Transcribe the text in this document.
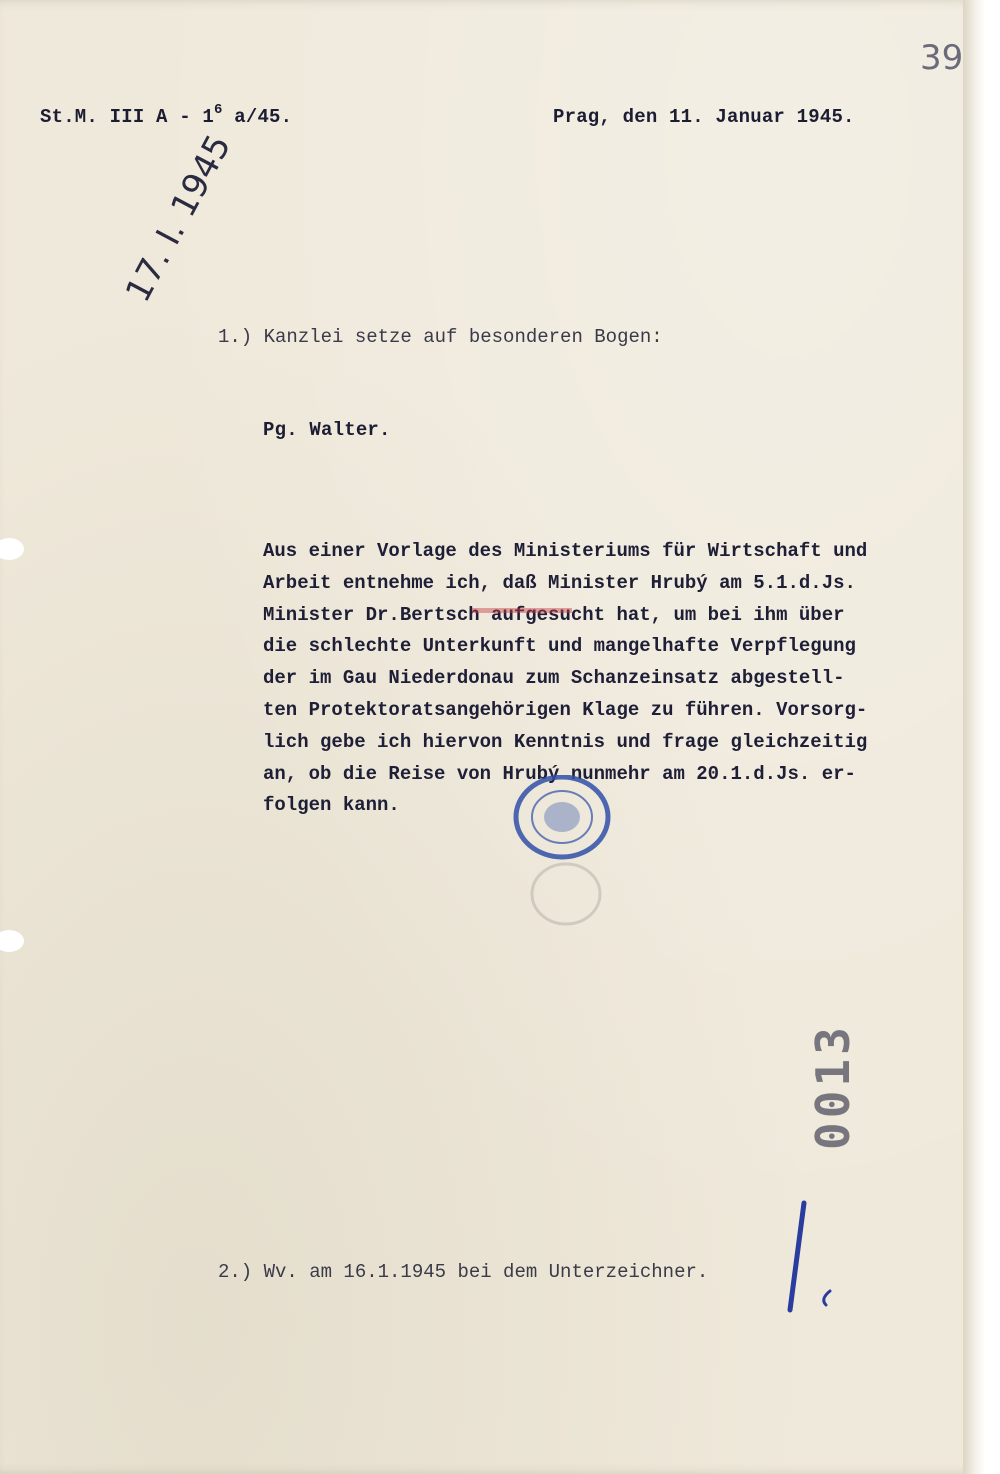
St.M. III A - $1^6$ a/45.	Prag, den 11. Januar 1945.
39
17. I. 1945
1.) Kanzlei setze auf besonderen Bogen:
Pg. Walter.
Aus einer Vorlage des Ministeriums für Wirtschaft und
Arbeit entnehme ich, daß Minister Hrubý am 5.1.d.Js.
Minister Dr.Bertsch aufgesucht hat, um bei ihm über
die schlechte Unterkunft und mangelhafte Verpflegung
der im Gau Niederdonau zum Schanzeinsatz abgestell-
ten Protektoratsangehörigen Klage zu führen. Vorsorg-
lich gebe ich hiervon Kenntnis und frage gleichzeitig
an, ob die Reise von Hrubý nunmehr am 20.1.d.Js. er-
folgen kann.
0013
2.) Wv. am 16.1.1945 bei dem Unterzeichner.
